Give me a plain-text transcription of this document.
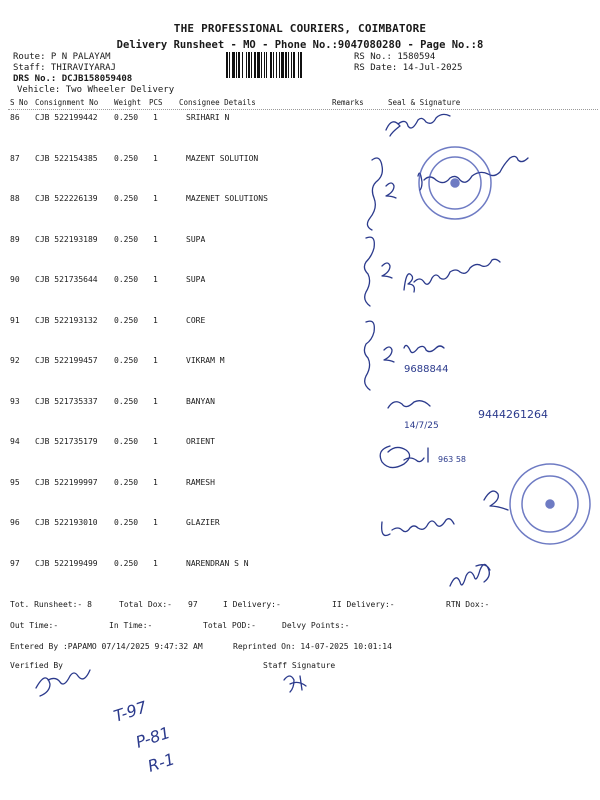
THE PROFESSIONAL COURIERS, COIMBATORE
Delivery Runsheet - MO - Phone No.:9047080280 - Page No.:8
Route: P N PALAYAM
Staff: THIRAVIYARAJ
DRS No.: DCJB158059408
Vehicle: Two Wheeler Delivery
RS No.: 1580594
RS Date: 14-Jul-2025
S No Consignment No Weight PCS Consignee Details	Remarks	Seal & Signature
86 CJB 522199442 0.250 1	SRIHARI N
87 CJB 522154385 0.250 1	MAZENT SOLUTION
88 CJB 522226139 0.250 1	MAZENET SOLUTIONS
89 CJB 522193189 0.250 1	SUPA
90 CJB 521735644 0.250 1	SUPA
91 CJB 522193132 0.250 1	CORE
92 CJB 522199457 0.250 1	VIKRAM M
93 CJB 521735337 0.250 1	BANYAN
94 CJB 521735179 0.250 1	ORIENT
95 CJB 522199997 0.250 1	RAMESH
96 CJB 522193010 0.250 1	GLAZIER
97 CJB 522199499 0.250 1	NARENDRAN S N
Tot. Runsheet:- 8	Total Dox:- 97	I Delivery:-	II Delivery:-	RTN Dox:-
Out Time:-	In Time:-	Total POD:-	Delvy Points:-
Entered By :PAPAMO 07/14/2025 9:47:32 AM	Reprinted On: 14-07-2025 10:01:14
Verified By	Staff Signature
9688844
14/7/25
9444261264
963 58
T-97
P-81
R-1
